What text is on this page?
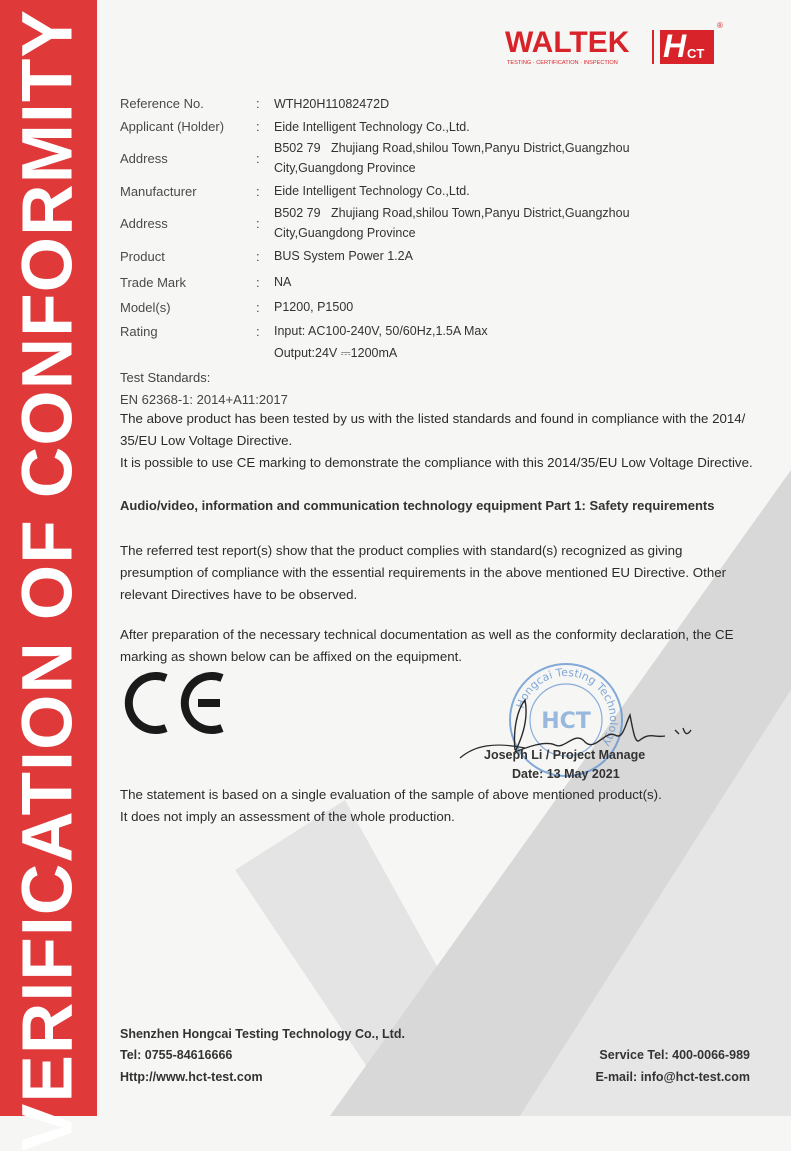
VERIFICATION OF CONFORMITY	WALTEK
TESTING · CERTIFICATION · INSPECTION H CT
®
Reference No.	: WTH20H11082472D
Applicant (Holder) : Eide Intelligent Technology Co.,Ltd.
Address	:
B502 79   Zhujiang Road,shilou Town,Panyu District,Guangzhou
City,Guangdong Province
Manufacturer	: Eide Intelligent Technology Co.,Ltd.
Address	:
B502 79   Zhujiang Road,shilou Town,Panyu District,Guangzhou
City,Guangdong Province
Product	: BUS System Power 1.2A
Trade Mark	: NA
Model(s)	: P1200, P1500
Rating	: Input: AC100-240V, 50/60Hz,1.5A Max
Output:24V ⎓1200mA
Test Standards:
EN 62368-1: 2014+A11:2017
The above product has been tested by us with the listed standards and found in compliance with the 2014/
35/EU Low Voltage Directive.
It is possible to use CE marking to demonstrate the compliance with this 2014/35/EU Low Voltage Directive.
Audio/video, information and communication technology equipment Part 1: Safety requirements
The referred test report(s) show that the product complies with standard(s) recognized as giving
presumption of compliance with the essential requirements in the above mentioned EU Directive. Other
relevant Directives have to be observed.
After preparation of the necessary technical documentation as well as the conformity declaration, the CE
marking as shown below can be affixed on the equipment.
Hongcai Testing Technology
HCT
Joseph Li / Project Manage
Date: 13 May 2021
The statement is based on a single evaluation of the sample of above mentioned product(s).
It does not imply an assessment of the whole production.
Shenzhen Hongcai Testing Technology Co., Ltd.
Tel: 0755-84616666
Http://www.hct-test.com
Service Tel: 400-0066-989
E-mail: info@hct-test.com
